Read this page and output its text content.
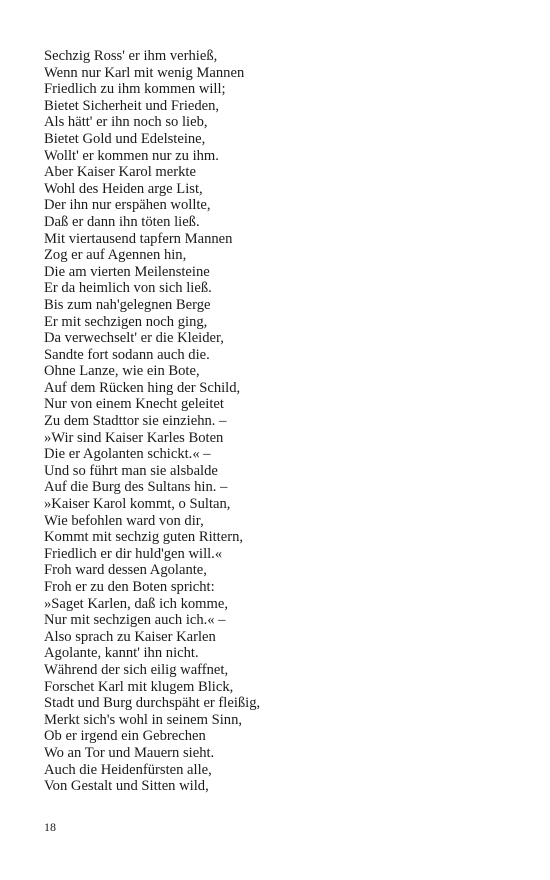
Sechzig Ross' er ihm verhieß,
Wenn nur Karl mit wenig Mannen
Friedlich zu ihm kommen will;
Bietet Sicherheit und Frieden,
Als hätt' er ihn noch so lieb,
Bietet Gold und Edelsteine,
Wollt' er kommen nur zu ihm.
Aber Kaiser Karol merkte
Wohl des Heiden arge List,
Der ihn nur erspähen wollte,
Daß er dann ihn töten ließ.
Mit viertausend tapfern Mannen
Zog er auf Agennen hin,
Die am vierten Meilensteine
Er da heimlich von sich ließ.
Bis zum nah'gelegnen Berge
Er mit sechzigen noch ging,
Da verwechselt' er die Kleider,
Sandte fort sodann auch die.
Ohne Lanze, wie ein Bote,
Auf dem Rücken hing der Schild,
Nur von einem Knecht geleitet
Zu dem Stadttor sie einziehn. –
»Wir sind Kaiser Karles Boten
Die er Agolanten schickt.« –
Und so führt man sie alsbalde
Auf die Burg des Sultans hin. –
»Kaiser Karol kommt, o Sultan,
Wie befohlen ward von dir,
Kommt mit sechzig guten Rittern,
Friedlich er dir huld'gen will.«
Froh ward dessen Agolante,
Froh er zu den Boten spricht:
»Saget Karlen, daß ich komme,
Nur mit sechzigen auch ich.« –
Also sprach zu Kaiser Karlen
Agolante, kannt' ihn nicht.
Während der sich eilig waffnet,
Forschet Karl mit klugem Blick,
Stadt und Burg durchspäht er fleißig,
Merkt sich's wohl in seinem Sinn,
Ob er irgend ein Gebrechen
Wo an Tor und Mauern sieht.
Auch die Heidenfürsten alle,
Von Gestalt und Sitten wild,
18
